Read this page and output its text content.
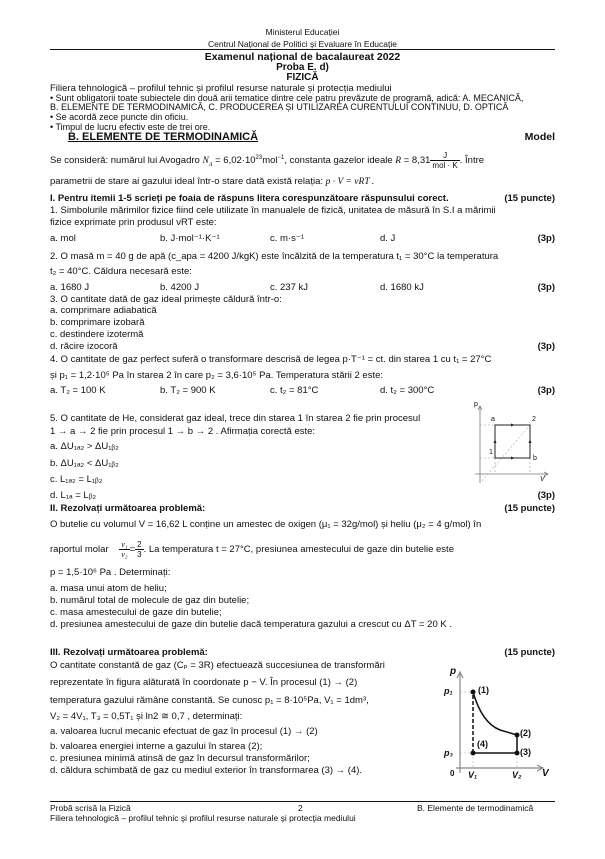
Ministerul Educației
Centrul Național de Politici și Evaluare în Educație
Examenul național de bacalaureat 2022
Proba E. d)
FIZICĂ
Filiera tehnologică – profilul tehnic și profilul resurse naturale și protecția mediului
• Sunt obligatorii toate subiectele din două arii tematice dintre cele patru prevăzute de programă, adică: A. MECANICĂ,
B. ELEMENTE DE TERMODINAMICĂ, C. PRODUCEREA ȘI UTILIZAREA CURENTULUI CONTINUU, D. OPTICĂ
• Se acordă zece puncte din oficiu.
• Timpul de lucru efectiv este de trei ore.
B. ELEMENTE DE TERMODINAMICĂ	Model
Se consideră: numărul lui Avogadro $N_A = 6,02\cdot 10^{23}mol^{-1}$, constanta gazelor ideale $R = 8,31 \frac{J}{\text{mol · K}}$ . Între
parametrii de stare ai gazului ideal într-o stare dată există relația: p · V = νRT .
I. Pentru itemii 1-5 scrieți pe foaia de răspuns litera corespunzătoare răspunsului corect.	(15 puncte)
1. Simbolurile mărimilor fizice fiind cele utilizate în manualele de fizică, unitatea de măsură în S.I a mărimii
fizice exprimate prin produsul νRT este:
a. mol	b. J·mol⁻¹·K⁻¹	c. m·s⁻¹	d. J	(3p)
2. O masă m = 40 g de apă (c_apa = 4200 J/kgK) este încălzită de la temperatura t₁ = 30°C la temperatura
t₂ = 40°C. Căldura necesară este:
a. 1680 J	b. 4200 J	c. 237 kJ	d. 1680 kJ	(3p)
3. O cantitate dată de gaz ideal primește căldură într-o:
a. comprimare adiabatică
b. comprimare izobară
c. destindere izotermă
d. răcire izocoră	(3p)
4. O cantitate de gaz perfect suferă o transformare descrisă de legea p·T⁻¹ = ct. din starea 1 cu t₁ = 27°C
și p₁ = 1,2·10⁵ Pa în starea 2 în care p₂ = 3,6·10⁵ Pa. Temperatura stării 2 este:
a. T₂ = 100 K	b. T₂ = 900 K	c. t₂ = 81°C	d. t₂ = 300°C	(3p)
5. O cantitate de He, considerat gaz ideal, trece din starea 1 în starea 2 fie prin procesul
1 → a → 2 fie prin procesul 1 → b → 2 . Afirmația corectă este:
a. ΔU₁ₐ₂ > ΔU₁ᵦ₂
b. ΔU₁ₐ₂ < ΔU₁ᵦ₂
c. L₁ₐ₂ = L₁ᵦ₂
d. L₁ₐ = Lᵦ₂	(3p)
p
V
a	2
1
b
II. Rezolvați următoarea problemă:	(15 puncte)
O butelie cu volumul V = 16,62 L conține un amestec de oxigen (μ₁ = 32g/mol) și heliu (μ₂ = 4 g/mol) în
raportul molar $\frac{\text{ν₁}}{\text{ν₂}} = \frac{2}{3}$ . La temperatura t = 27°C, presiunea amestecului de gaze din butelie este
p = 1,5·10⁶ Pa . Determinați:
a. masa unui atom de heliu;
b. numărul total de molecule de gaz din butelie;
c. masa amestecului de gaze din butelie;
d. presiunea amestecului de gaze din butelie dacă temperatura gazului a crescut cu ΔT = 20 K .
III. Rezolvați următoarea problemă:	(15 puncte)
O cantitate constantă de gaz (Cₚ = 3R) efectuează succesiunea de transformări
reprezentate în figura alăturată în coordonate p − V. În procesul (1) → (2)
temperatura gazului rămâne constantă. Se cunosc p₁ = 8·10⁵Pa, V₁ = 1dm³,
V₂ = 4V₁, T₃ = 0,5T₁ și ln2 ≅ 0,7 , determinați:
a. valoarea lucrul mecanic efectuat de gaz în procesul (1) → (2)
b. valoarea energiei interne a gazului în starea (2);
c. presiunea minimă atinsă de gaz în decursul transformărilor;
d. căldura schimbată de gaz cu mediul exterior în transformarea (3) → (4).
p
V
0
p₁
p₃
V₁	V₂
(1)
(2)
(3)
(4)
Probă scrisă la Fizică	2	B. Elemente de termodinamică
Filiera tehnologică – profilul tehnic şi profilul resurse naturale şi protecţia mediului
